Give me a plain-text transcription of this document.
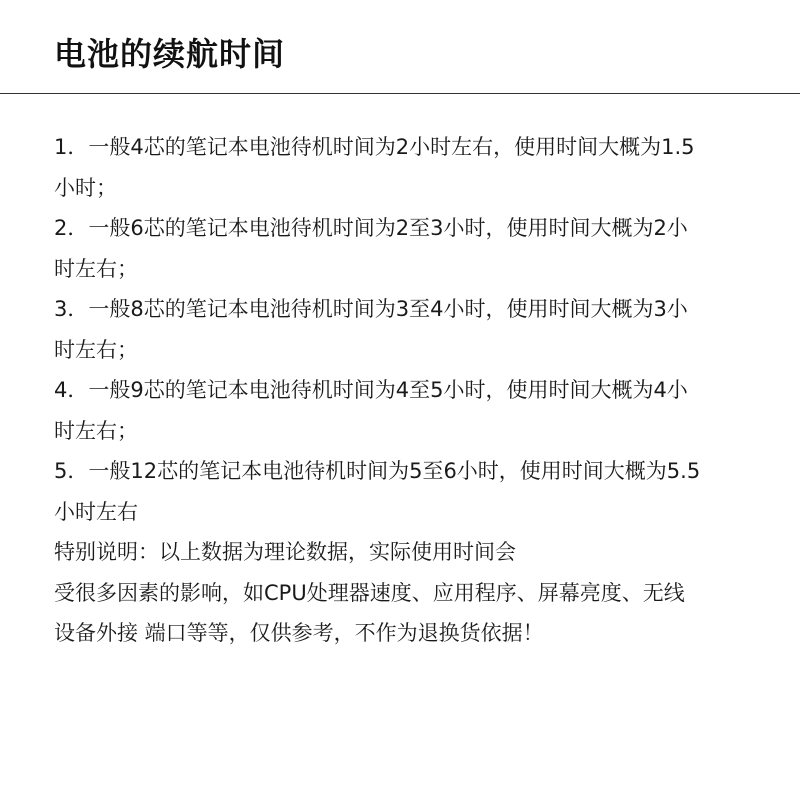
电池的续航时间
1．一般4芯的笔记本电池待机时间为2小时左右，使用时间大概为1.5
小时；
2．一般6芯的笔记本电池待机时间为2至3小时，使用时间大概为2小
时左右；
3．一般8芯的笔记本电池待机时间为3至4小时，使用时间大概为3小
时左右；
4．一般9芯的笔记本电池待机时间为4至5小时，使用时间大概为4小
时左右；
5．一般12芯的笔记本电池待机时间为5至6小时，使用时间大概为5.5
小时左右
特别说明：以上数据为理论数据，实际使用时间会
受很多因素的影响，如CPU处理器速度、应用程序、屏幕亮度、无线
设备外接 端口等等，仅供参考，不作为退换货依据！
